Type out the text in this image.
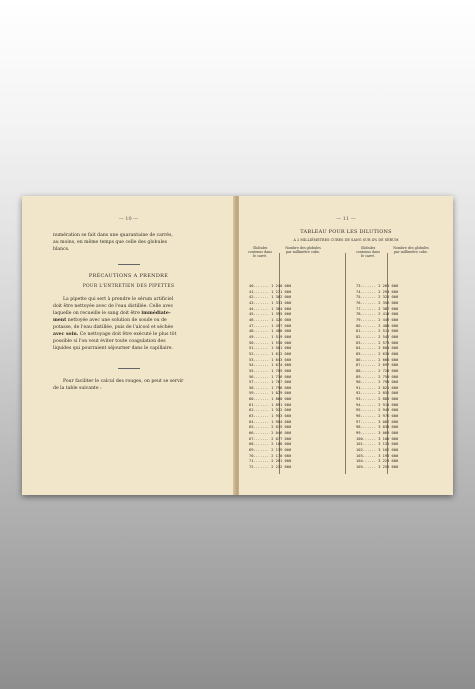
— 10 —
numération se fait dans une quarantaine de carrés,
au moins, en même temps que celle des globules
blancs.
PRÉCAUTIONS A PRENDRE
POUR L'ENTRETIEN DES PIPETTES
La pipette qui sert à prendre le sérum artificiel
doit être nettoyée avec de l'eau distillée. Celle avec
laquelle on recueille le sang doit être immédiate-
ment nettoyée avec une solution de soude ou de
potasse, de l'eau distillée, puis de l'alcool et séchée
avec soin. Ce nettoyage doit être exécuté le plus tôt
possible si l'on veut éviter toute coagulation des
liquides qui pourraient séjourner dans le capillaire.
Pour faciliter le calcul des rouges, on peut se servir
de la table suivante :
— 11 —
TABLEAU POUR LES DILUTIONS
A 2 MILLIÈMETRES CUBES DE SANG SUR 4% DE SÉRUM
Globules contenus dans le carré.
Nombre des globules par millimètre cube.
Globules contenus dans le carré.
Nombre des globules par millimètre cube.
40....... 1 240 000
41....... 1 271 000
42....... 1 302 000
43....... 1 333 000
44....... 1 364 000
45....... 1 395 000
46....... 1 426 000
47....... 1 457 000
48....... 1 488 000
49....... 1 519 000
50....... 1 550 000
51....... 1 581 000
52....... 1 612 000
53....... 1 643 000
54....... 1 674 000
55....... 1 705 000
56....... 1 736 000
57....... 1 767 000
58....... 1 798 000
59....... 1 829 000
60....... 1 860 000
61....... 1 891 000
62....... 1 922 000
63....... 1 953 000
64....... 1 984 000
65....... 2 015 000
66....... 2 046 000
67....... 2 077 000
68....... 2 108 000
69....... 2 139 000
70....... 2 170 000
71....... 2 201 000
72....... 2 232 000
73....... 2 263 000
74....... 2 294 000
75....... 2 325 000
76....... 2 356 000
77....... 2 387 000
78....... 2 418 000
79....... 2 449 000
80....... 2 480 000
81....... 2 511 000
82....... 2 542 000
83....... 2 573 000
84....... 2 604 000
85....... 2 635 000
86....... 2 666 000
87....... 2 697 000
88....... 2 728 000
89....... 2 759 000
90....... 2 790 000
91....... 2 821 000
92....... 2 852 000
93....... 2 883 000
94....... 2 914 000
95....... 2 945 000
96....... 2 976 000
97....... 3 007 000
98....... 3 038 000
99....... 3 069 000
100...... 3 100 000
101...... 3 131 000
102...... 3 162 000
103...... 3 193 000
104...... 3 224 000
105...... 3 255 000
